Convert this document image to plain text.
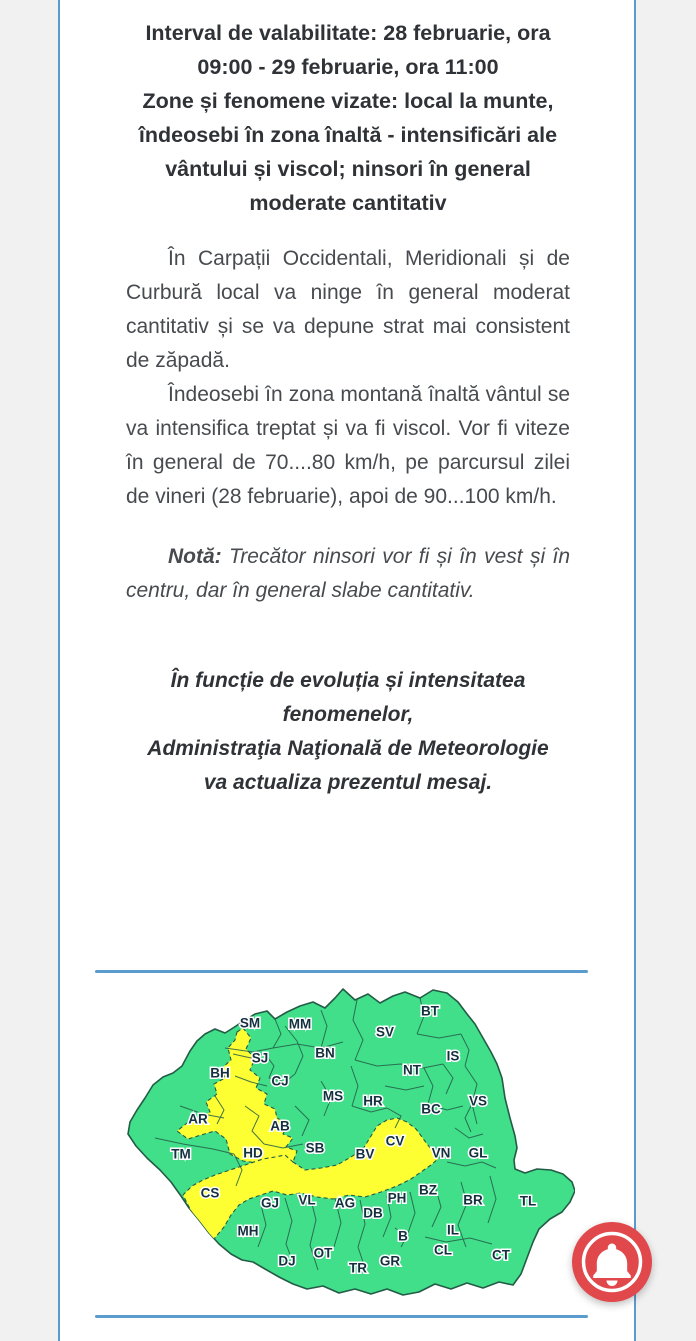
Interval de valabilitate: 28 februarie, ora 09:00 - 29 februarie, ora 11:00
Zone și fenomene vizate: local la munte, îndeosebi în zona înaltă - intensificări ale vântului și viscol; ninsori în general moderate cantitativ

În Carpații Occidentali, Meridionali și de Curbură local va ninge în general moderat cantitativ și se va depune strat mai consistent de zăpadă.

Îndeosebi în zona montană înaltă vântul se va intensifica treptat și va fi viscol. Vor fi viteze în general de 70....80 km/h, pe parcursul zilei de vineri (28 februarie), apoi de 90...100 km/h.

Notă: Trecător ninsori vor fi și în vest și în centru, dar în general slabe cantitativ.

În funcție de evoluția și intensitatea fenomenelor,
Administraţia Naţională de Meteorologie va actualiza prezentul mesaj.
SM MM
SV
BT
IS
NT
BN
SJ
BH
CJ
MS HR
BC
VS
AR	AB
TM	HD	SB BV
CV
VN GL
CS
GJ VL AG
DB
PH
BZ
BR	TL
MH
DJ
OT
TR GR
B	IL
CL	CT
